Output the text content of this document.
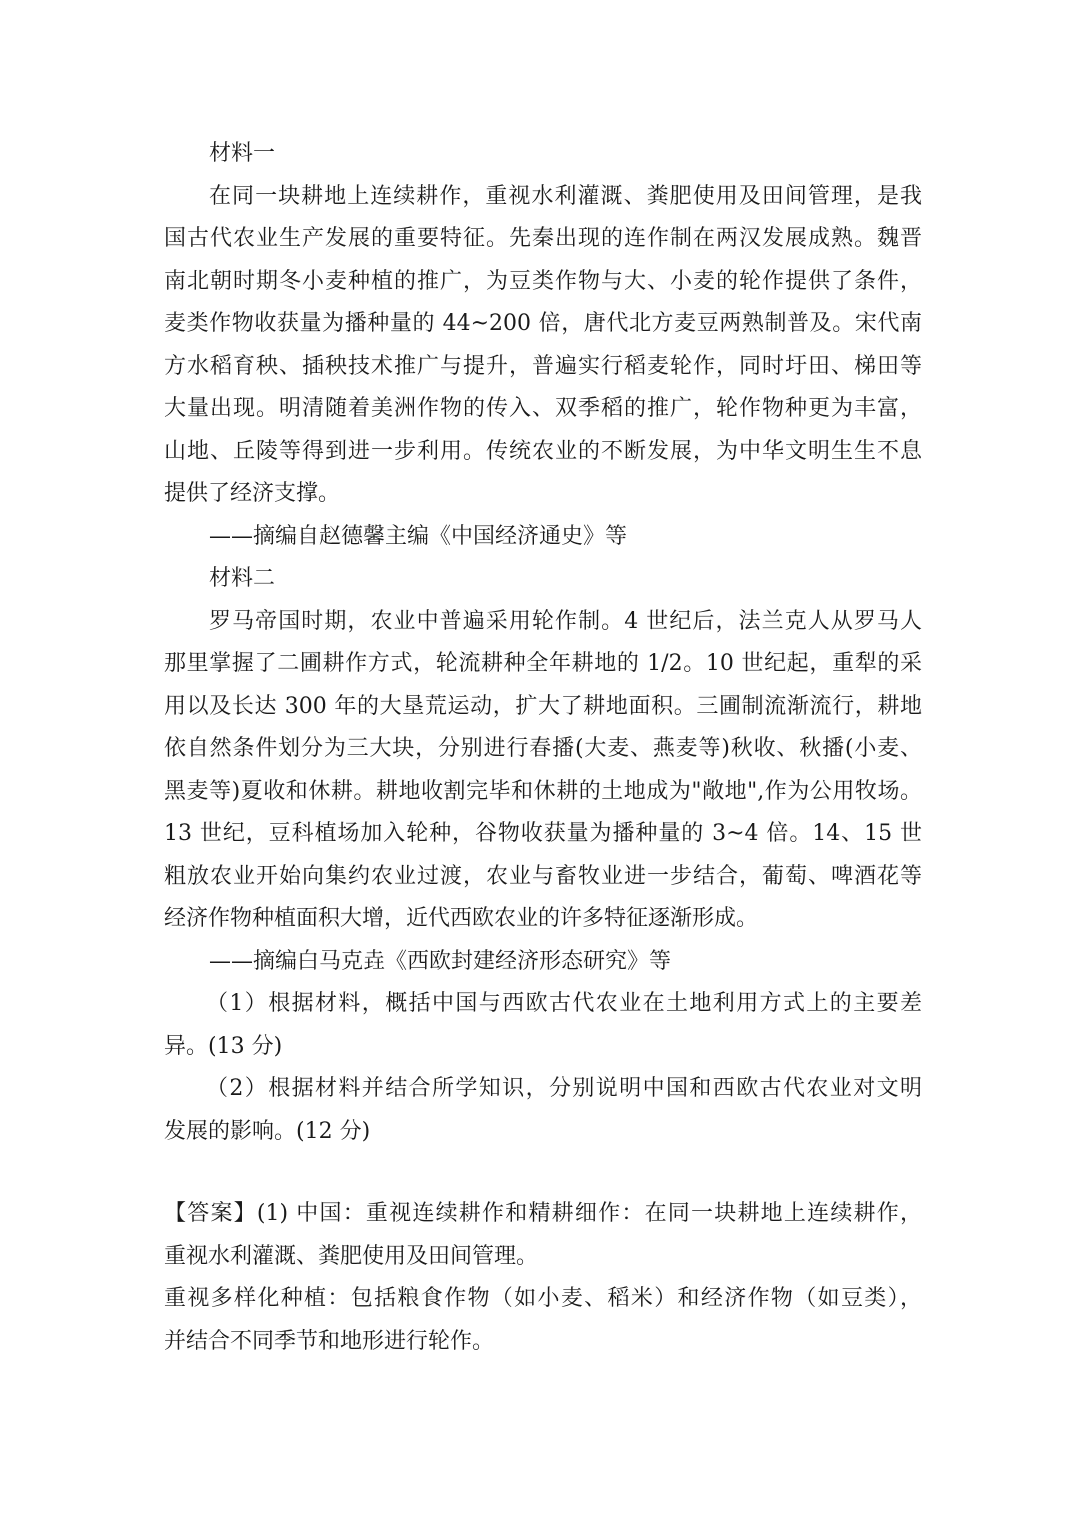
材料一
在同一块耕地上连续耕作，重视水利灌溉、粪肥使用及田间管理，是我
国古代农业生产发展的重要特征。先秦出现的连作制在两汉发展成熟。魏晋
南北朝时期冬小麦种植的推广，为豆类作物与大、小麦的轮作提供了条件，
麦类作物收获量为播种量的 44~200 倍，唐代北方麦豆两熟制普及。宋代南
方水稻育秧、插秧技术推广与提升，普遍实行稻麦轮作，同时圩田、梯田等
大量出现。明清随着美洲作物的传入、双季稻的推广，轮作物种更为丰富，
山地、丘陵等得到进一步利用。传统农业的不断发展，为中华文明生生不息
提供了经济支撑。
——摘编自赵德馨主编《中国经济通史》等
材料二
罗马帝国时期，农业中普遍采用轮作制。4 世纪后，法兰克人从罗马人
那里掌握了二圃耕作方式，轮流耕种全年耕地的 1/2。10 世纪起，重犁的采
用以及长达 300 年的大垦荒运动，扩大了耕地面积。三圃制流渐流行，耕地
依自然条件划分为三大块，分别进行春播(大麦、燕麦等)秋收、秋播(小麦、
黑麦等)夏收和休耕。耕地收割完毕和休耕的土地成为"敞地",作为公用牧场。
13 世纪，豆科植场加入轮种，谷物收获量为播种量的 3~4 倍。14、15 世
粗放农业开始向集约农业过渡，农业与畜牧业进一步结合，葡萄、啤酒花等
经济作物种植面积大增，近代西欧农业的许多特征逐渐形成。
——摘编白马克垚《西欧封建经济形态研究》等
（1）根据材料，概括中国与西欧古代农业在土地利用方式上的主要差
异。(13 分)
（2）根据材料并结合所学知识，分别说明中国和西欧古代农业对文明
发展的影响。(12 分)
【答案】(1) 中国：重视连续耕作和精耕细作：在同一块耕地上连续耕作，
重视水利灌溉、粪肥使用及田间管理。
重视多样化种植：包括粮食作物（如小麦、稻米）和经济作物（如豆类），
并结合不同季节和地形进行轮作。
